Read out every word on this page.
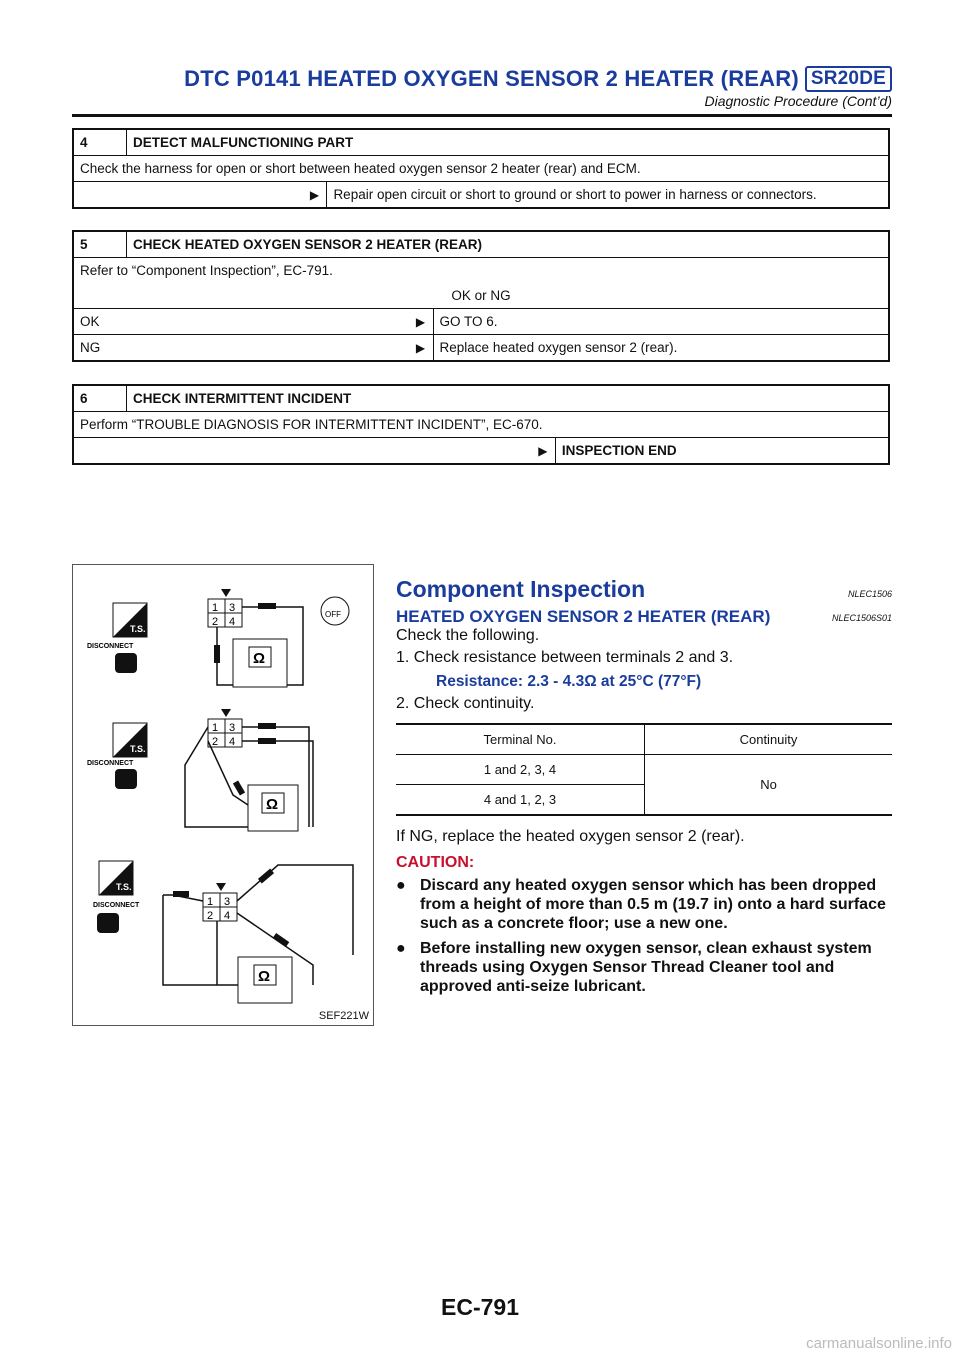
DTC P0141 HEATED OXYGEN SENSOR 2 HEATER (REAR) SR20DE
Diagnostic Procedure (Cont’d)
4	DETECT MALFUNCTIONING PART		
Check the harness for open or short between heated oxygen sensor 2 heater (rear) and ECM.			
		▶	Repair open circuit or short to ground or short to power in harness or connectors.
5	CHECK HEATED OXYGEN SENSOR 2 HEATER (REAR)		
Refer to “Component Inspection”, EC-791.			
OK or NG			
OK		▶	GO TO 6.
NG		▶	Replace heated oxygen sensor 2 (rear).
6	CHECK INTERMITTENT INCIDENT		
Perform “TROUBLE DIAGNOSIS FOR INTERMITTENT INCIDENT”, EC-670.			
		▶	INSPECTION END
T.S.
DISCONNECT
1 3
2 4
Ω
OFF
T.S.
DISCONNECT
1 3
2 4
Ω
T.S.
DISCONNECT	1 3
2 4
Ω
SEF221W
Component Inspection	NLEC1506
HEATED OXYGEN SENSOR 2 HEATER (REAR)	NLEC1506S01
Check the following.
1. Check resistance between terminals 2 and 3.
Resistance: 2.3 - 4.3Ω at 25°C (77°F)
2. Check continuity.
Terminal No.	Continuity
1 and 2, 3, 4	No
4 and 1, 2, 3	
If NG, replace the heated oxygen sensor 2 (rear).
CAUTION:
● Discard any heated oxygen sensor which has been dropped from a height of more than 0.5 m (19.7 in) onto a hard surface such as a concrete floor; use a new one.
● Before installing new oxygen sensor, clean exhaust system threads using Oxygen Sensor Thread Cleaner tool and approved anti-seize lubricant.
EC-791
carmanualsonline.info
